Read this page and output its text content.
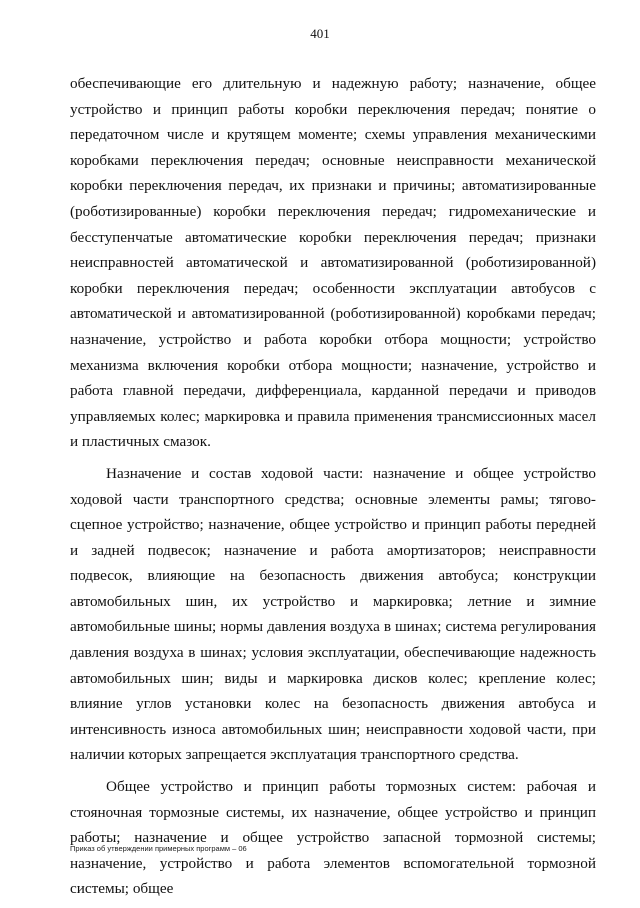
401

обеспечивающие его длительную и надежную работу; назначение, общее устройство и принцип работы коробки переключения передач; понятие о передаточном числе и крутящем моменте; схемы управления механическими коробками переключения передач; основные неисправности механической коробки переключения передач, их признаки и причины; автоматизированные (роботизированные) коробки переключения передач; гидромеханические и бесступенчатые автоматические коробки переключения передач; признаки неисправностей автоматической и автоматизированной (роботизированной) коробки переключения передач; особенности эксплуатации автобусов с автоматической и автоматизированной (роботизированной) коробками передач; назначение, устройство и работа коробки отбора мощности; устройство механизма включения коробки отбора мощности; назначение, устройство и работа главной передачи, дифференциала, карданной передачи и приводов управляемых колес; маркировка и правила применения трансмиссионных масел и пластичных смазок.

Назначение и состав ходовой части: назначение и общее устройство ходовой части транспортного средства; основные элементы рамы; тягово-сцепное устройство; назначение, общее устройство и принцип работы передней и задней подвесок; назначение и работа амортизаторов; неисправности подвесок, влияющие на безопасность движения автобуса; конструкции автомобильных шин, их устройство и маркировка; летние и зимние автомобильные шины; нормы давления воздуха в шинах; система регулирования давления воздуха в шинах; условия эксплуатации, обеспечивающие надежность автомобильных шин; виды и маркировка дисков колес; крепление колес; влияние углов установки колес на безопасность движения автобуса и интенсивность износа автомобильных шин; неисправности ходовой части, при наличии которых запрещается эксплуатация транспортного средства.

Общее устройство и принцип работы тормозных систем: рабочая и стояночная тормозные системы, их назначение, общее устройство и принцип работы; назначение и общее устройство запасной тормозной системы; назначение, устройство и работа элементов вспомогательной тормозной системы; общее

Приказ об утверждении примерных программ – 06
